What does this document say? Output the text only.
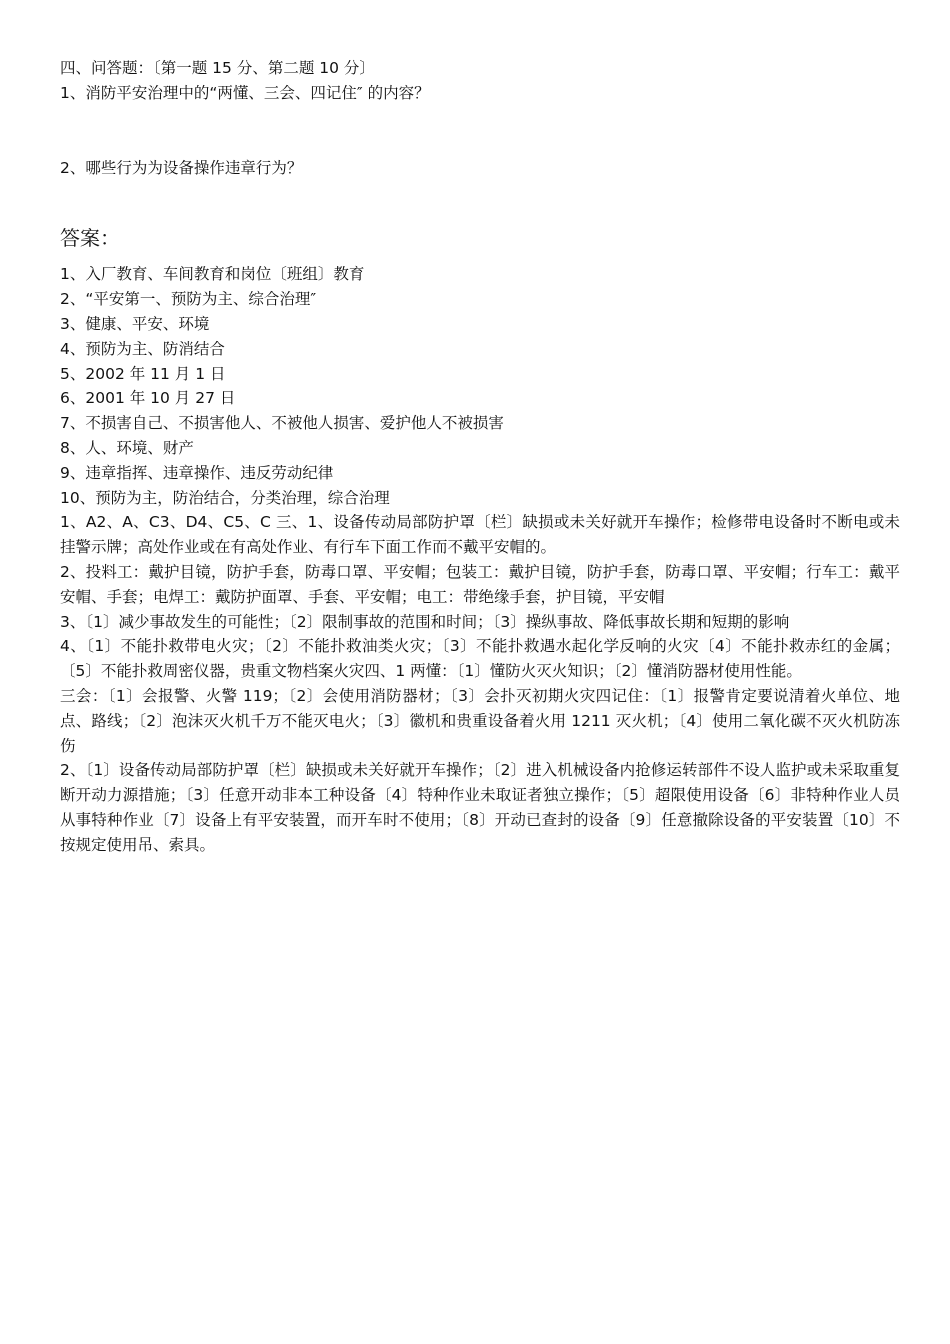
四、问答题：〔第一题 15 分、第二题 10 分〕

1、消防平安治理中的“两懂、三会、四记住″ 的内容？

2、哪些行为为设备操作违章行为？

答案：

1、入厂教育、车间教育和岗位〔班组〕教育

2、“平安第一、预防为主、综合治理″

3、健康、平安、环境

4、预防为主、防消结合

5、2002 年 11 月 1 日

6、2001 年 10 月 27 日

7、不损害自己、不损害他人、不被他人损害、爱护他人不被损害

8、人、环境、财产

9、违章指挥、违章操作、违反劳动纪律

10、预防为主，防治结合，分类治理，综合治理

1、A2、A、C3、D4、C5、C 三、1、设备传动局部防护罩〔栏〕缺损或未关好就开车操作；检修带电设备时不断电或未挂警示牌；高处作业或在有高处作业、有行车下面工作而不戴平安帽的。

2、投料工：戴护目镜，防护手套，防毒口罩、平安帽；包装工：戴护目镜，防护手套，防毒口罩、平安帽；行车工：戴平安帽、手套；电焊工：戴防护面罩、手套、平安帽；电工：带绝缘手套，护目镜，平安帽

3、〔1〕减少事故发生的可能性；〔2〕限制事故的范围和时间；〔3〕操纵事故、降低事故长期和短期的影响

4、〔1〕不能扑救带电火灾；〔2〕不能扑救油类火灾；〔3〕不能扑救遇水起化学反响的火灾〔4〕不能扑救赤红的金属；〔5〕不能扑救周密仪器，贵重文物档案火灾四、1 两懂：〔1〕懂防火灭火知识；〔2〕懂消防器材使用性能。

三会：〔1〕会报警、火警 119；〔2〕会使用消防器材；〔3〕会扑灭初期火灾四记住：〔1〕报警肯定要说清着火单位、地点、路线；〔2〕泡沫灭火机千万不能灭电火；〔3〕徽机和贵重设备着火用 1211 灭火机；〔4〕使用二氧化碳不灭火机防冻伤

2、〔1〕设备传动局部防护罩〔栏〕缺损或未关好就开车操作；〔2〕进入机械设备内抢修运转部件不设人监护或未采取重复断开动力源措施；〔3〕任意开动非本工种设备〔4〕特种作业未取证者独立操作；〔5〕超限使用设备〔6〕非特种作业人员从事特种作业〔7〕设备上有平安装置，而开车时不使用；〔8〕开动已查封的设备〔9〕任意撤除设备的平安装置〔10〕不按规定使用吊、索具。
